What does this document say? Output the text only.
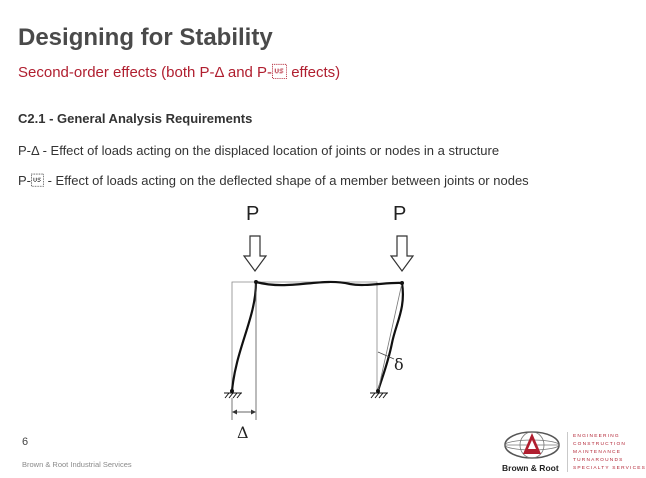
Designing for Stability
Second-order effects (both P-Δ and P- effects)
C2.1 - General Analysis Requirements
P-Δ - Effect of loads acting on the displaced location of joints or nodes in a structure
P- - Effect of loads acting on the deflected shape of a member between joints or nodes
P	P
δ
Δ
6
Brown & Root Industrial Services	Brown & Root
ENGINEERING
CONSTRUCTION
MAINTENANCE
TURNAROUNDS
SPECIALTY SERVICES
